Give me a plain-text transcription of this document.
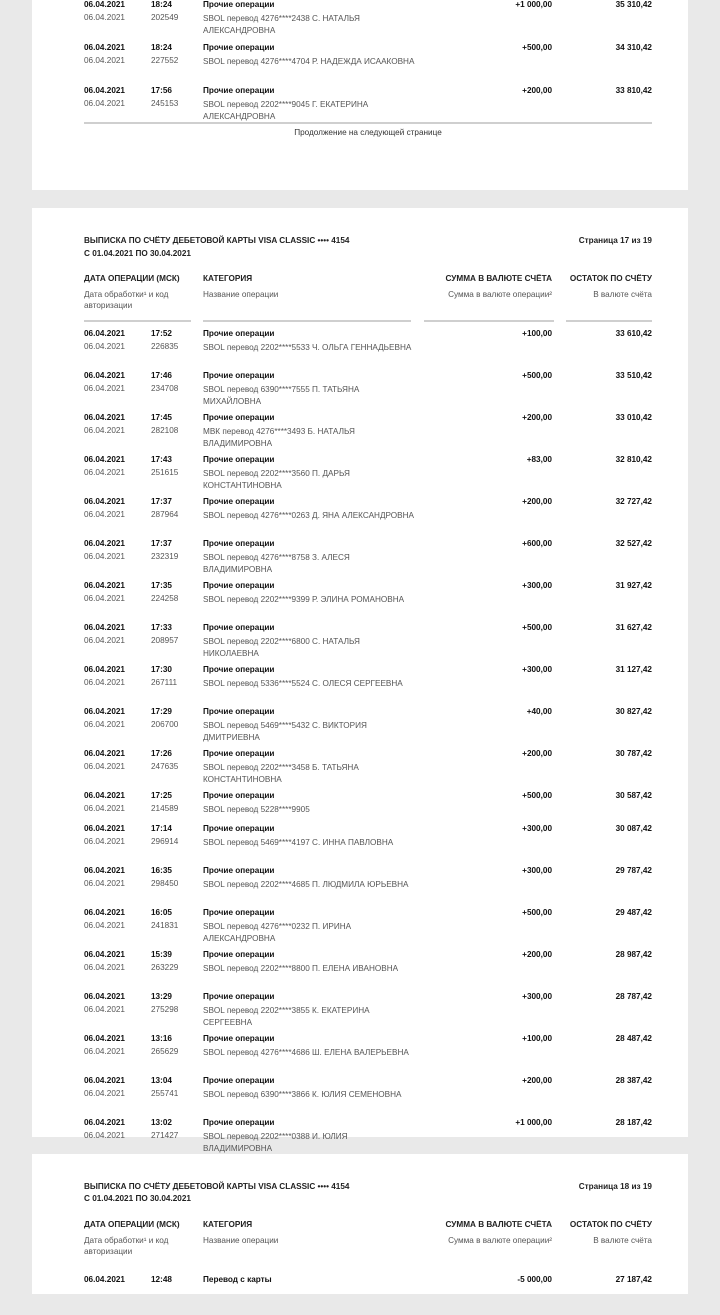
06.04.2021	18:24	Прочие операции	+1 000,00	35 310,42
06.04.2021	202549	SBOL перевод 4276****2438 С. НАТАЛЬЯ АЛЕКСАНДРОВНА
06.04.2021	18:24	Прочие операции	+500,00	34 310,42
06.04.2021	227552	SBOL перевод 4276****4704 Р. НАДЕЖДА ИСААКОВНА
06.04.2021	17:56	Прочие операции	+200,00	33 810,42
06.04.2021	245153	SBOL перевод 2202****9045 Г. ЕКАТЕРИНА АЛЕКСАНДРОВНА
Продолжение на следующей странице
ВЫПИСКА ПО СЧЁТУ ДЕБЕТОВОЙ КАРТЫ VISA CLASSIC •••• 4154
С 01.04.2021 ПО 30.04.2021
Страница 17 из 19
ДАТА ОПЕРАЦИИ (МСК)
Дата обработки¹ и код авторизации
КАТЕГОРИЯ
Название операции
СУММА В ВАЛЮТЕ СЧЁТА
Сумма в валюте операции²
ОСТАТОК ПО СЧЁТУ
В валюте счёта
06.04.2021	17:52	Прочие операции	+100,00	33 610,42
06.04.2021	226835	SBOL перевод 2202****5533 Ч. ОЛЬГА ГЕННАДЬЕВНА
06.04.2021	17:46	Прочие операции	+500,00	33 510,42
06.04.2021	234708	SBOL перевод 6390****7555 П. ТАТЬЯНА МИХАЙЛОВНА
06.04.2021	17:45	Прочие операции	+200,00	33 010,42
06.04.2021	282108	МВК перевод 4276****3493 Б. НАТАЛЬЯ ВЛАДИМИРОВНА
06.04.2021	17:43	Прочие операции	+83,00	32 810,42
06.04.2021	251615	SBOL перевод 2202****3560 П. ДАРЬЯ КОНСТАНТИНОВНА
06.04.2021	17:37	Прочие операции	+200,00	32 727,42
06.04.2021	287964	SBOL перевод 4276****0263 Д. ЯНА АЛЕКСАНДРОВНА
06.04.2021	17:37	Прочие операции	+600,00	32 527,42
06.04.2021	232319	SBOL перевод 4276****8758 З. АЛЕСЯ ВЛАДИМИРОВНА
06.04.2021	17:35	Прочие операции	+300,00	31 927,42
06.04.2021	224258	SBOL перевод 2202****9399 Р. ЭЛИНА РОМАНОВНА
06.04.2021	17:33	Прочие операции	+500,00	31 627,42
06.04.2021	208957	SBOL перевод 2202****6800 С. НАТАЛЬЯ НИКОЛАЕВНА
06.04.2021	17:30	Прочие операции	+300,00	31 127,42
06.04.2021	267111	SBOL перевод 5336****5524 С. ОЛЕСЯ СЕРГЕЕВНА
06.04.2021	17:29	Прочие операции	+40,00	30 827,42
06.04.2021	206700	SBOL перевод 5469****5432 С. ВИКТОРИЯ ДМИТРИЕВНА
06.04.2021	17:26	Прочие операции	+200,00	30 787,42
06.04.2021	247635	SBOL перевод 2202****3458 Б. ТАТЬЯНА КОНСТАНТИНОВНА
06.04.2021	17:25	Прочие операции	+500,00	30 587,42
06.04.2021	214589	SBOL перевод 5228****9905
06.04.2021	17:14	Прочие операции	+300,00	30 087,42
06.04.2021	296914	SBOL перевод 5469****4197 С. ИННА ПАВЛОВНА
06.04.2021	16:35	Прочие операции	+300,00	29 787,42
06.04.2021	298450	SBOL перевод 2202****4685 П. ЛЮДМИЛА ЮРЬЕВНА
06.04.2021	16:05	Прочие операции	+500,00	29 487,42
06.04.2021	241831	SBOL перевод 4276****0232 П. ИРИНА АЛЕКСАНДРОВНА
06.04.2021	15:39	Прочие операции	+200,00	28 987,42
06.04.2021	263229	SBOL перевод 2202****8800 П. ЕЛЕНА ИВАНОВНА
06.04.2021	13:29	Прочие операции	+300,00	28 787,42
06.04.2021	275298	SBOL перевод 2202****3855 К. ЕКАТЕРИНА СЕРГЕЕВНА
06.04.2021	13:16	Прочие операции	+100,00	28 487,42
06.04.2021	265629	SBOL перевод 4276****4686 Ш. ЕЛЕНА ВАЛЕРЬЕВНА
06.04.2021	13:04	Прочие операции	+200,00	28 387,42
06.04.2021	255741	SBOL перевод 6390****3866 К. ЮЛИЯ СЕМЕНОВНА
06.04.2021	13:02	Прочие операции	+1 000,00	28 187,42
06.04.2021	271427	SBOL перевод 2202****0388 И. ЮЛИЯ ВЛАДИМИРОВНА
ВЫПИСКА ПО СЧЁТУ ДЕБЕТОВОЙ КАРТЫ VISA CLASSIC •••• 4154
С 01.04.2021 ПО 30.04.2021
Страница 18 из 19
ДАТА ОПЕРАЦИИ (МСК)
Дата обработки¹ и код авторизации
КАТЕГОРИЯ
Название операции
СУММА В ВАЛЮТЕ СЧЁТА
Сумма в валюте операции²
ОСТАТОК ПО СЧЁТУ
В валюте счёта
06.04.2021	12:48	Перевод с карты	-5 000,00	27 187,42
